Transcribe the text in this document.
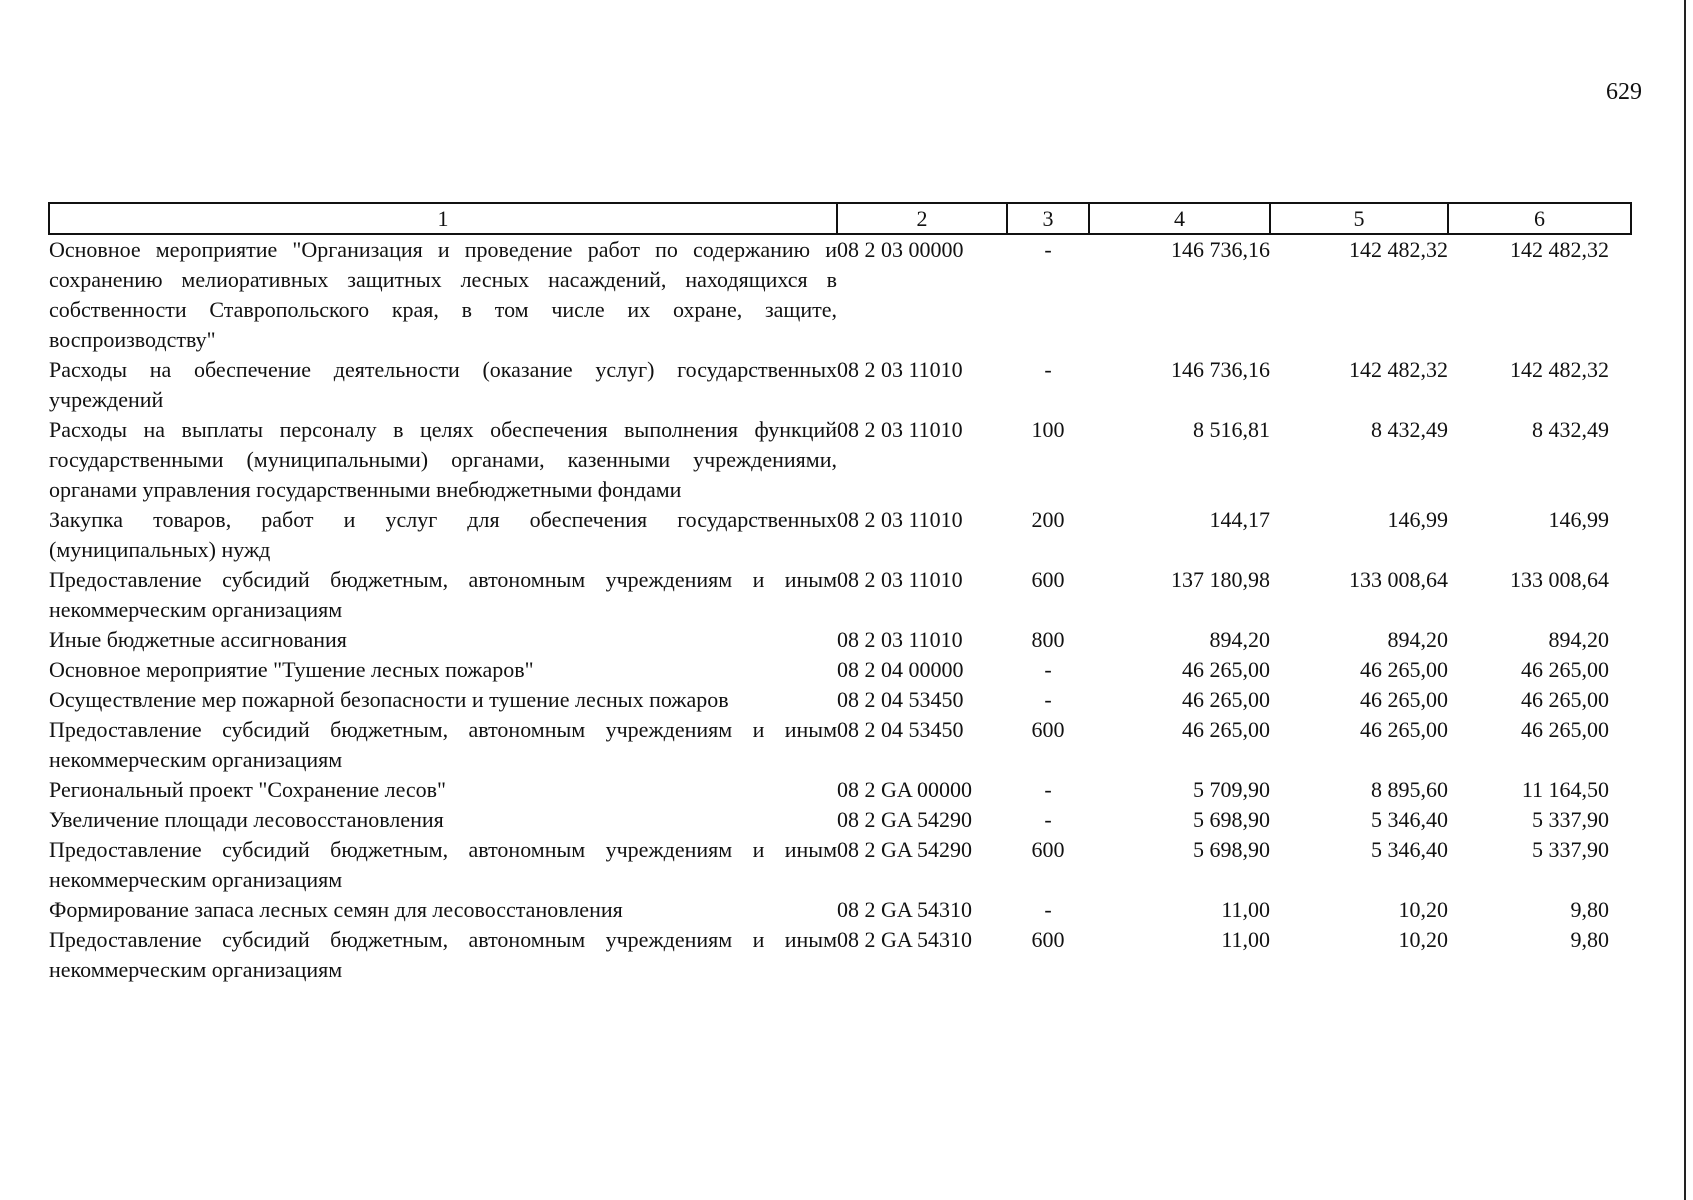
629
1	2	3	4	5	6
Основное мероприятие "Организация и проведение работ по содержанию и сохранению мелиоративных защитных лесных насаждений, находящихся в собственности Ставропольского края, в том числе их охране, защите, воспроизводству"	08 2 03 00000	-	146 736,16	142 482,32	142 482,32
Расходы на обеспечение деятельности (оказание услуг) государственных учреждений	08 2 03 11010	-	146 736,16	142 482,32	142 482,32
Расходы на выплаты персоналу в целях обеспечения выполнения функций государственными (муниципальными) органами, казенными учреждениями, органами управления государственными внебюджетными фондами	08 2 03 11010	100	8 516,81	8 432,49	8 432,49
Закупка товаров, работ и услуг для обеспечения государственных (муниципальных) нужд	08 2 03 11010	200	144,17	146,99	146,99
Предоставление субсидий бюджетным, автономным учреждениям и иным некоммерческим организациям	08 2 03 11010	600	137 180,98	133 008,64	133 008,64
Иные бюджетные ассигнования	08 2 03 11010	800	894,20	894,20	894,20
Основное мероприятие "Тушение лесных пожаров"	08 2 04 00000	-	46 265,00	46 265,00	46 265,00
Осуществление мер пожарной безопасности и тушение лесных пожаров	08 2 04 53450	-	46 265,00	46 265,00	46 265,00
Предоставление субсидий бюджетным, автономным учреждениям и иным некоммерческим организациям	08 2 04 53450	600	46 265,00	46 265,00	46 265,00
Региональный проект "Сохранение лесов"	08 2 GA 00000	-	5 709,90	8 895,60	11 164,50
Увеличение площади лесовосстановления	08 2 GA 54290	-	5 698,90	5 346,40	5 337,90
Предоставление субсидий бюджетным, автономным учреждениям и иным некоммерческим организациям	08 2 GA 54290	600	5 698,90	5 346,40	5 337,90
Формирование запаса лесных семян для лесовосстановления	08 2 GA 54310	-	11,00	10,20	9,80
Предоставление субсидий бюджетным, автономным учреждениям и иным некоммерческим организациям	08 2 GA 54310	600	11,00	10,20	9,80
